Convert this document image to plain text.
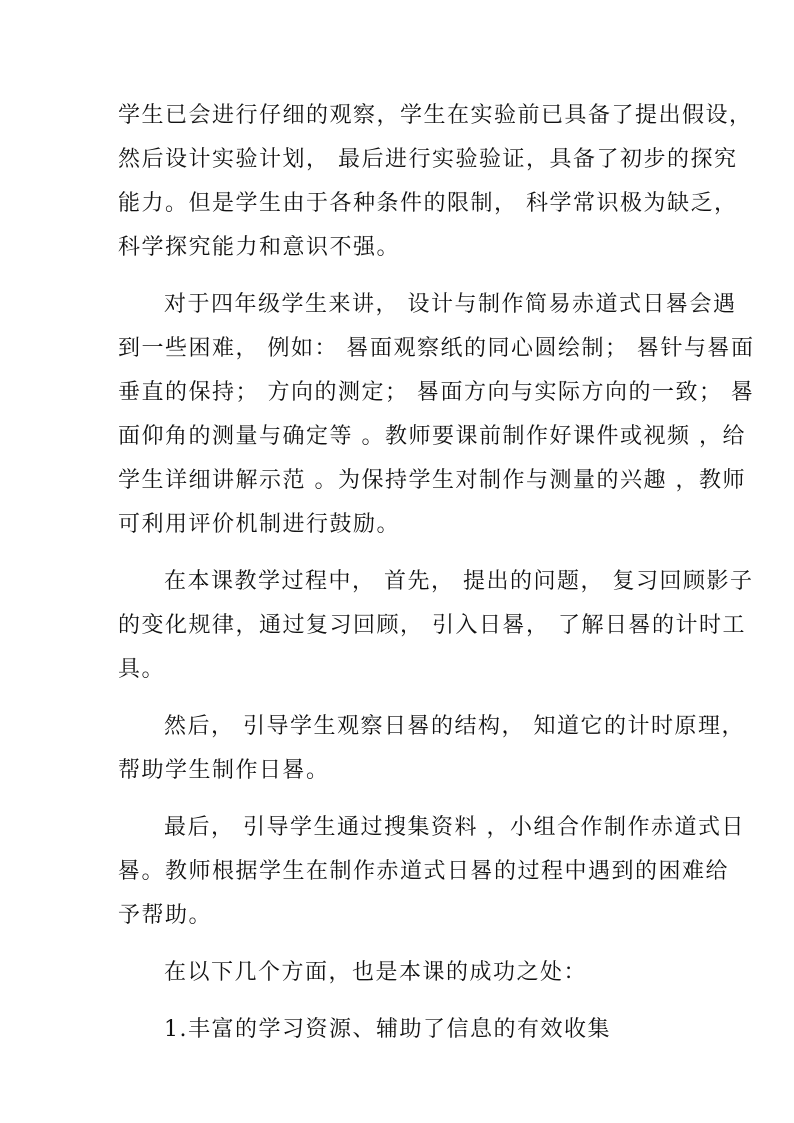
学生已会进行仔细的观察，学生在实验前已具备了提出假设，
然后设计实验计划， 最后进行实验验证，具备了初步的探究
能力。但是学生由于各种条件的限制， 科学常识极为缺乏，
科学探究能力和意识不强。
对于四年级学生来讲， 设计与制作简易赤道式日晷会遇
到一些困难， 例如： 晷面观察纸的同心圆绘制； 晷针与晷面
垂直的保持； 方向的测定； 晷面方向与实际方向的一致； 晷
面仰角的测量与确定等 。教师要课前制作好课件或视频 ，给
学生详细讲解示范 。为保持学生对制作与测量的兴趣 ，教师
可利用评价机制进行鼓励。
在本课教学过程中， 首先， 提出的问题， 复习回顾影子
的变化规律，通过复习回顾， 引入日晷， 了解日晷的计时工
具。
然后， 引导学生观察日晷的结构， 知道它的计时原理，
帮助学生制作日晷。
最后， 引导学生通过搜集资料 ，小组合作制作赤道式日
晷。教师根据学生在制作赤道式日晷的过程中遇到的困难给
予帮助。
在以下几个方面，也是本课的成功之处：
1.丰富的学习资源、辅助了信息的有效收集
